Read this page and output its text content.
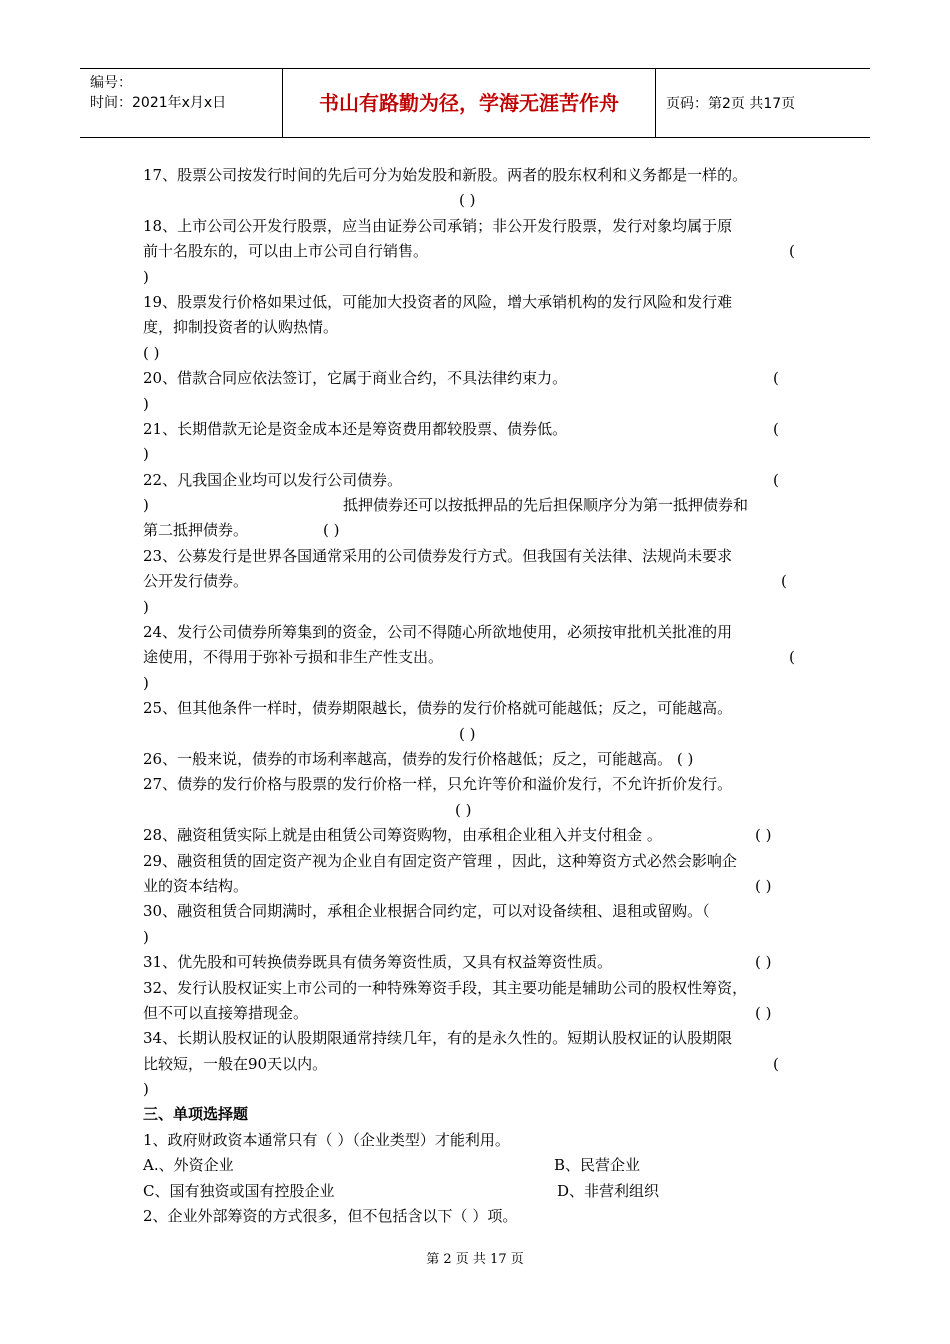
编号：
时间：2021年x月x日	书山有路勤为径，学海无涯苦作舟	页码：第2页 共17页
17、股票公司按发行时间的先后可分为始发股和新股。两者的股东权利和义务都是一样的。
( )
18、上市公司公开发行股票，应当由证券公司承销；非公开发行股票，发行对象均属于原
前十名股东的，可以由上市公司自行销售。	(
)
19、股票发行价格如果过低，可能加大投资者的风险，增大承销机构的发行风险和发行难
度，抑制投资者的认购热情。
( )
20、借款合同应依法签订，它属于商业合约，不具法律约束力。	(
)
21、长期借款无论是资金成本还是筹资费用都较股票、债券低。	(
)
22、凡我国企业均可以发行公司债券。	(
)	抵押债券还可以按抵押品的先后担保顺序分为第一抵押债券和
第二抵押债券。	( )
23、公募发行是世界各国通常采用的公司债券发行方式。但我国有关法律、法规尚未要求
公开发行债券。	(
)
24、发行公司债券所筹集到的资金，公司不得随心所欲地使用，必须按审批机关批准的用
途使用，不得用于弥补亏损和非生产性支出。	(
)
25、但其他条件一样时，债券期限越长，债券的发行价格就可能越低；反之，可能越高。
( )
26、一般来说，债券的市场利率越高，债券的发行价格越低；反之，可能越高。 ( )
27、债券的发行价格与股票的发行价格一样，只允许等价和溢价发行，不允许折价发行。
( )
28、融资租赁实际上就是由租赁公司筹资购物，由承租企业租入并支付租金 。	( )
29、融资租赁的固定资产视为企业自有固定资产管理 ，因此，这种筹资方式必然会影响企
业的资本结构。	( )
30、融资租赁合同期满时，承租企业根据合同约定，可以对设备续租、退租或留购。（
)
31、优先股和可转换债券既具有债务筹资性质，又具有权益筹资性质。	( )
32、发行认股权证实上市公司的一种特殊筹资手段，其主要功能是辅助公司的股权性筹资，
但不可以直接筹措现金。	( )
34、长期认股权证的认股期限通常持续几年，有的是永久性的。短期认股权证的认股期限
比较短，一般在90天以内。	(
)
三、单项选择题
1、政府财政资本通常只有（ ）（企业类型）才能利用。
A.、外资企业	B、民营企业
C、国有独资或国有控股企业	D、非营利组织
2、企业外部筹资的方式很多，但不包括含以下（ ）项。
第 2 页 共 17 页
